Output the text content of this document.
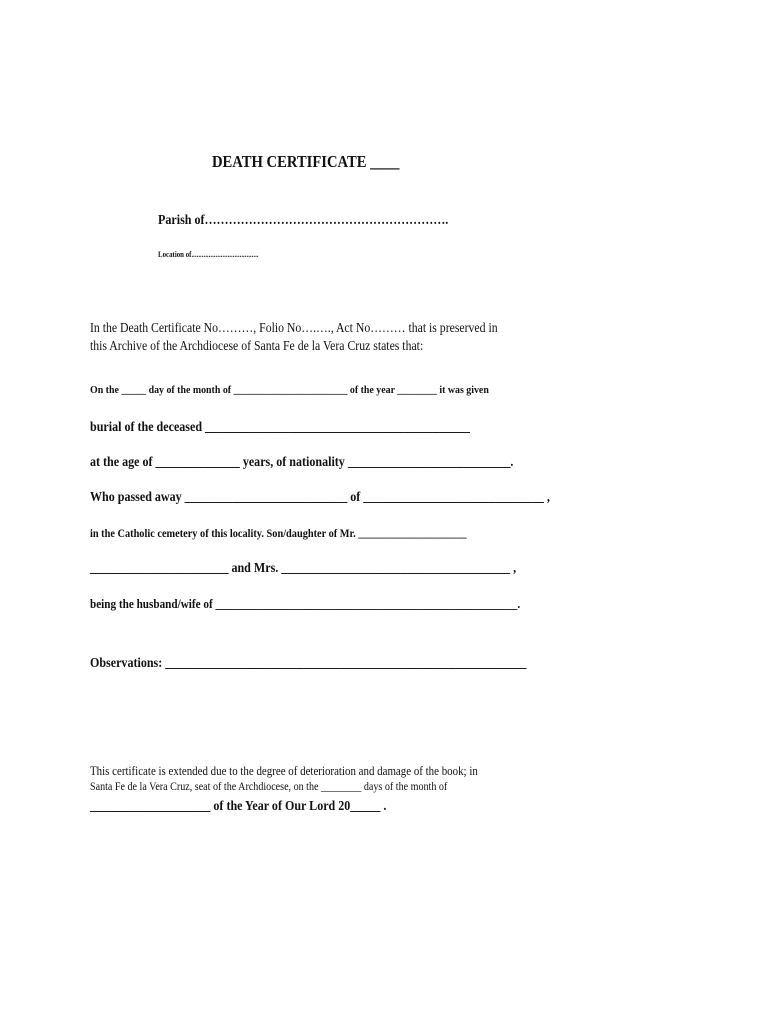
DEATH CERTIFICATE ____
Parish of…………………………………………………….
Location of.......................................
In the Death Certificate No………, Folio No….…., Act No……… that is preserved in
this Archive of the Archdiocese of Santa Fe de la Vera Cruz states that:
On the _____ day of the month of _______________________ of the year ________ it was given
burial of the deceased ____________________________________________
at the age of ______________ years, of nationality ___________________________.
Who passed away ___________________________ of ______________________________ ,
in the Catholic cemetery of this locality. Son/daughter of Mr. _____________________
_______________________ and Mrs. ______________________________________ ,
being the husband/wife of ______________________________________________________.
Observations: ____________________________________________________________
This certificate is extended due to the degree of deterioration and damage of the book; in
Santa Fe de la Vera Cruz, seat of the Archdiocese, on the ________ days of the month of
____________________ of the Year of Our Lord 20_____ .
